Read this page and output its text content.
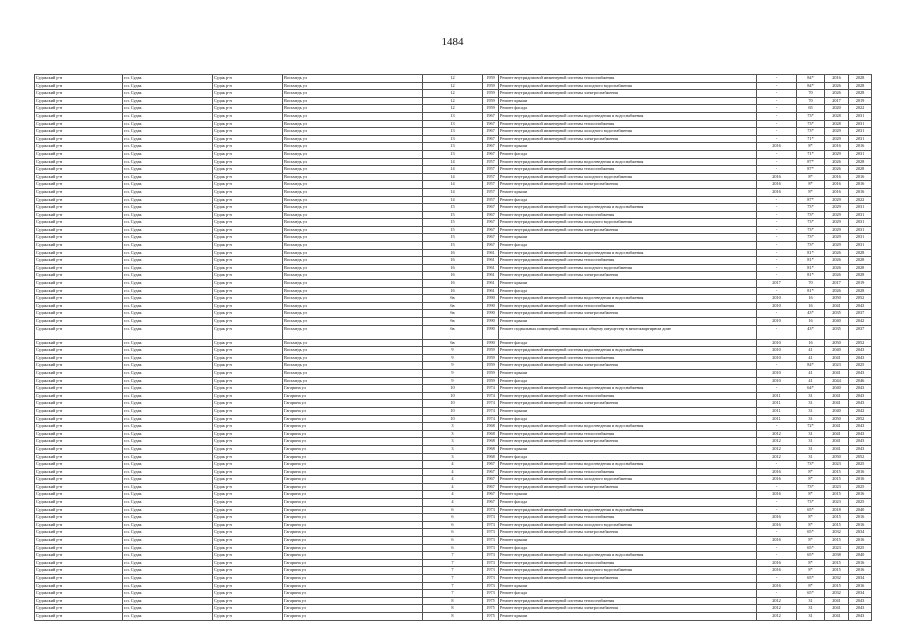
1484
Судакский р-н	г.п. Судак	Судак р-н	Восьмедь ул	12	1959	Ремонт внутридомовой инженерной системы теплоснабжения	-	84*	2016	2028
Судакский р-н	г.п. Судак	Судак р-н	Восьмедь ул	12	1959	Ремонт внутридомовой инженерной системы холодного водоснабжения	-	84*	2026	2028
Судакский р-н	г.п. Судак	Судак р-н	Восьмедь ул	12	1959	Ремонт внутридомовой инженерной системы электроснабжения	-	70	2026	2028
Судакский р-н	г.п. Судак	Судак р-н	Восьмедь ул	12	1959	Ремонт крыши	-	70	2017	2019
Судакский р-н	г.п. Судак	Судак р-н	Восьмедь ул	12	1959	Ремонт фасада	-	65	2020	2022
Судакский р-н	г.п. Судак	Судак р-н	Восьмедь ул	13	1967	Ремонт внутридомовой инженерной системы водоотведения и водоснабжения	-	73*	2028	2031
Судакский р-н	г.п. Судак	Судак р-н	Восьмедь ул	13	1967	Ремонт внутридомовой инженерной системы теплоснабжения	-	73*	2028	2031
Судакский р-н	г.п. Судак	Судак р-н	Восьмедь ул	13	1967	Ремонт внутридомовой инженерной системы холодного водоснабжения	-	73*	2029	2031
Судакский р-н	г.п. Судак	Судак р-н	Восьмедь ул	13	1967	Ремонт внутридомовой инженерной системы электроснабжения	-	71*	2029	2031
Судакский р-н	г.п. Судак	Судак р-н	Восьмедь ул	13	1967	Ремонт крыши	2016	8*	2016	2016
Судакский р-н	г.п. Судак	Судак р-н	Восьмедь ул	13	1967	Ремонт фасада	-	71*	2029	2031
Судакский р-н	г.п. Судак	Судак р-н	Восьмедь ул	14	1957	Ремонт внутридомовой инженерной системы водоотведения и водоснабжения	-	87*	2026	2028
Судакский р-н	г.п. Судак	Судак р-н	Восьмедь ул	14	1957	Ремонт внутридомовой инженерной системы теплоснабжения	-	87*	2026	2028
Судакский р-н	г.п. Судак	Судак р-н	Восьмедь ул	14	1957	Ремонт внутридомовой инженерной системы холодного водоснабжения	2016	8*	2016	2016
Судакский р-н	г.п. Судак	Судак р-н	Восьмедь ул	14	1957	Ремонт внутридомовой инженерной системы электроснабжения	2016	8*	2016	2016
Судакский р-н	г.п. Судак	Судак р-н	Восьмедь ул	14	1957	Ремонт крыши	2016	8*	2016	2016
Судакский р-н	г.п. Судак	Судак р-н	Восьмедь ул	14	1957	Ремонт фасада	-	87*	2029	2022
Судакский р-н	г.п. Судак	Судак р-н	Восьмедь ул	15	1967	Ремонт внутридомовой инженерной системы водоотведения и водоснабжения	-	73*	2029	2031
Судакский р-н	г.п. Судак	Судак р-н	Восьмедь ул	15	1967	Ремонт внутридомовой инженерной системы теплоснабжения	-	73*	2029	2031
Судакский р-н	г.п. Судак	Судак р-н	Восьмедь ул	15	1967	Ремонт внутридомовой инженерной системы холодного водоснабжения	-	73*	2029	2031
Судакский р-н	г.п. Судак	Судак р-н	Восьмедь ул	15	1967	Ремонт внутридомовой инженерной системы электроснабжения	-	73*	2029	2031
Судакский р-н	г.п. Судак	Судак р-н	Восьмедь ул	15	1967	Ремонт крыши	-	73*	2029	2031
Судакский р-н	г.п. Судак	Судак р-н	Восьмедь ул	15	1967	Ремонт фасада	-	73*	2029	2031
Судакский р-н	г.п. Судак	Судак р-н	Восьмедь ул	16	1961	Ремонт внутридомовой инженерной системы водоотведения и водоснабжения	-	81*	2026	2028
Судакский р-н	г.п. Судак	Судак р-н	Восьмедь ул	16	1961	Ремонт внутридомовой инженерной системы теплоснабжения	-	81*	2026	2028
Судакский р-н	г.п. Судак	Судак р-н	Восьмедь ул	16	1961	Ремонт внутридомовой инженерной системы холодного водоснабжения	-	81*	2026	2028
Судакский р-н	г.п. Судак	Судак р-н	Восьмедь ул	16	1961	Ремонт внутридомовой инженерной системы электроснабжения	-	81*	2026	2028
Судакский р-н	г.п. Судак	Судак р-н	Восьмедь ул	16	1961	Ремонт крыши	2017	70	2017	2019
Судакский р-н	г.п. Судак	Судак р-н	Восьмедь ул	16	1961	Ремонт фасада	-	81*	2026	2028
Судакский р-н	г.п. Судак	Судак р-н	Восьмедь ул	6в	1990	Ремонт внутридомовой инженерной системы водоотведения и водоснабжения	2010	16	2050	2052
Судакский р-н	г.п. Судак	Судак р-н	Восьмедь ул	6в	1990	Ремонт внутридомовой инженерной системы теплоснабжения	2010	16	2041	2043
Судакский р-н	г.п. Судак	Судак р-н	Восьмедь ул	6в	1990	Ремонт внутридомовой инженерной системы электроснабжения	-	43*	2035	2037
Судакский р-н	г.п. Судак	Судак р-н	Восьмедь ул	6в	1990	Ремонт крыши	2010	16	2040	2042
Судакский р-н	г.п. Судак	Судак р-н	Восьмедь ул	6в	1990	Ремонт подвальных помещений, относящихся к общему имуществу в многоквартирном доме	-	43*	2035	2037
Судакский р-н	г.п. Судак	Судак р-н	Восьмедь ул	6в	1990	Ремонт фасада	2010	16	2050	2052
Судакский р-н	г.п. Судак	Судак р-н	Восьмедь ул	9	1959	Ремонт внутридомовой инженерной системы водоотведения и водоснабжения	2010	41	2040	2043
Судакский р-н	г.п. Судак	Судак р-н	Восьмедь ул	9	1959	Ремонт внутридомовой инженерной системы теплоснабжения	2010	41	2041	2043
Судакский р-н	г.п. Судак	Судак р-н	Восьмедь ул	9	1959	Ремонт внутридомовой инженерной системы электроснабжения	-	84*	2023	2025
Судакский р-н	г.п. Судак	Судак р-н	Восьмедь ул	9	1959	Ремонт крыши	2010	41	2041	2043
Судакский р-н	г.п. Судак	Судак р-н	Восьмедь ул	9	1959	Ремонт фасада	2010	41	2044	2046
Судакский р-н	г.п. Судак	Судак р-н	Гагарина ул	10	1974	Ремонт внутридомовой инженерной системы водоотведения и водоснабжения	-	64*	2040	2043
Судакский р-н	г.п. Судак	Судак р-н	Гагарина ул	10	1974	Ремонт внутридомовой инженерной системы теплоснабжения	2011	31	2041	2043
Судакский р-н	г.п. Судак	Судак р-н	Гагарина ул	10	1974	Ремонт внутридомовой инженерной системы электроснабжения	2011	31	2041	2043
Судакский р-н	г.п. Судак	Судак р-н	Гагарина ул	10	1974	Ремонт крыши	2011	31	2040	2042
Судакский р-н	г.п. Судак	Судак р-н	Гагарина ул	10	1974	Ремонт фасада	2011	31	2050	2052
Судакский р-н	г.п. Судак	Судак р-н	Гагарина ул	3	1968	Ремонт внутридомовой инженерной системы водоотведения и водоснабжения	-	72*	2041	2043
Судакский р-н	г.п. Судак	Судак р-н	Гагарина ул	3	1968	Ремонт внутридомовой инженерной системы теплоснабжения	2012	31	2041	2043
Судакский р-н	г.п. Судак	Судак р-н	Гагарина ул	3	1968	Ремонт внутридомовой инженерной системы электроснабжения	2012	31	2041	2043
Судакский р-н	г.п. Судак	Судак р-н	Гагарина ул	3	1968	Ремонт крыши	2012	31	2041	2043
Судакский р-н	г.п. Судак	Судак р-н	Гагарина ул	3	1968	Ремонт фасада	2012	31	2050	2052
Судакский р-н	г.п. Судак	Судак р-н	Гагарина ул	4	1967	Ремонт внутридомовой инженерной системы водоотведения и водоснабжения	-	73*	2023	2025
Судакский р-н	г.п. Судак	Судак р-н	Гагарина ул	4	1967	Ремонт внутридомовой инженерной системы теплоснабжения	2016	8*	2015	2016
Судакский р-н	г.п. Судак	Судак р-н	Гагарина ул	4	1967	Ремонт внутридомовой инженерной системы холодного водоснабжения	2016	8*	2015	2016
Судакский р-н	г.п. Судак	Судак р-н	Гагарина ул	4	1967	Ремонт внутридомовой инженерной системы электроснабжения	-	73*	2023	2025
Судакский р-н	г.п. Судак	Судак р-н	Гагарина ул	4	1967	Ремонт крыши	2016	8*	2015	2016
Судакский р-н	г.п. Судак	Судак р-н	Гагарина ул	4	1967	Ремонт фасада	-	73*	2023	2025
Судакский р-н	г.п. Судак	Судак р-н	Гагарина ул	6	1973	Ремонт внутридомовой инженерной системы водоотведения и водоснабжения	-	65*	2018	2040
Судакский р-н	г.п. Судак	Судак р-н	Гагарина ул	6	1973	Ремонт внутридомовой инженерной системы теплоснабжения	2016	8*	2015	2016
Судакский р-н	г.п. Судак	Судак р-н	Гагарина ул	6	1973	Ремонт внутридомовой инженерной системы холодного водоснабжения	2016	8*	2015	2016
Судакский р-н	г.п. Судак	Судак р-н	Гагарина ул	6	1973	Ремонт внутридомовой инженерной системы электроснабжения	-	65*	2032	2034
Судакский р-н	г.п. Судак	Судак р-н	Гагарина ул	6	1973	Ремонт крыши	2016	8*	2015	2016
Судакский р-н	г.п. Судак	Судак р-н	Гагарина ул	6	1973	Ремонт фасада	-	65*	2023	2025
Судакский р-н	г.п. Судак	Судак р-н	Гагарина ул	7	1973	Ремонт внутридомовой инженерной системы водоотведения и водоснабжения	-	65*	2038	2040
Судакский р-н	г.п. Судак	Судак р-н	Гагарина ул	7	1973	Ремонт внутридомовой инженерной системы теплоснабжения	2016	8*	2015	2016
Судакский р-н	г.п. Судак	Судак р-н	Гагарина ул	7	1973	Ремонт внутридомовой инженерной системы холодного водоснабжения	2016	8*	2015	2016
Судакский р-н	г.п. Судак	Судак р-н	Гагарина ул	7	1973	Ремонт внутридомовой инженерной системы электроснабжения	-	65*	2032	2034
Судакский р-н	г.п. Судак	Судак р-н	Гагарина ул	7	1973	Ремонт крыши	2016	8*	2015	2016
Судакский р-н	г.п. Судак	Судак р-н	Гагарина ул	7	1973	Ремонт фасада	-	65*	2032	2034
Судакский р-н	г.п. Судак	Судак р-н	Гагарина ул	8	1975	Ремонт внутридомовой инженерной системы теплоснабжения	2012	31	2041	2043
Судакский р-н	г.п. Судак	Судак р-н	Гагарина ул	8	1975	Ремонт внутридомовой инженерной системы электроснабжения	2012	31	2041	2043
Судакский р-н	г.п. Судак	Судак р-н	Гагарина ул	8	1975	Ремонт крыши	2012	31	2041	2043
